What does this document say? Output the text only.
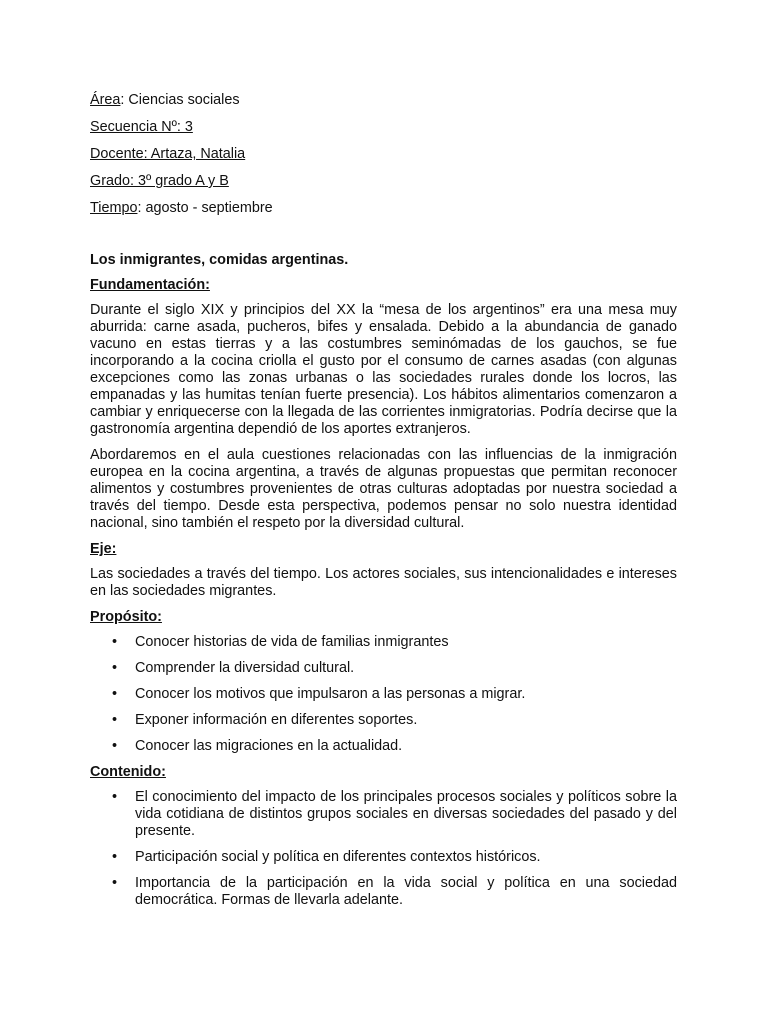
Área: Ciencias sociales
Secuencia Nº: 3
Docente: Artaza, Natalia
Grado: 3º grado A y B
Tiempo: agosto - septiembre
Los inmigrantes, comidas argentinas.
Fundamentación:

Durante el siglo XIX y principios del XX la “mesa de los argentinos” era una mesa muy aburrida: carne asada, pucheros, bifes y ensalada. Debido a la abundancia de ganado vacuno en estas tierras y a las costumbres seminómadas de los gauchos, se fue incorporando a la cocina criolla el gusto por el consumo de carnes asadas (con algunas excepciones como las zonas urbanas o las sociedades rurales donde los locros, las empanadas y las humitas tenían fuerte presencia). Los hábitos alimentarios comenzaron a cambiar y enriquecerse con la llegada de las corrientes inmigratorias. Podría decirse que la gastronomía argentina dependió de los aportes extranjeros.

Abordaremos en el aula cuestiones relacionadas con las influencias de la inmigración europea en la cocina argentina, a través de algunas propuestas que permitan reconocer alimentos y costumbres provenientes de otras culturas adoptadas por nuestra sociedad a través del tiempo. Desde esta perspectiva, podemos pensar no solo nuestra identidad nacional, sino también el respeto por la diversidad cultural.

Eje:

Las sociedades a través del tiempo. Los actores sociales, sus intencionalidades e intereses en las sociedades migrantes.

Propósito:
• Conocer historias de vida de familias inmigrantes
• Comprender la diversidad cultural.
• Conocer los motivos que impulsaron a las personas a migrar.
• Exponer información en diferentes soportes.
• Conocer las migraciones en la actualidad.
Contenido:
• El conocimiento del impacto de los principales procesos sociales y políticos sobre la vida cotidiana de distintos grupos sociales en diversas sociedades del pasado y del presente.
• Participación social y política en diferentes contextos históricos.
• Importancia de la participación en la vida social y política en una sociedad democrática. Formas de llevarla adelante.
